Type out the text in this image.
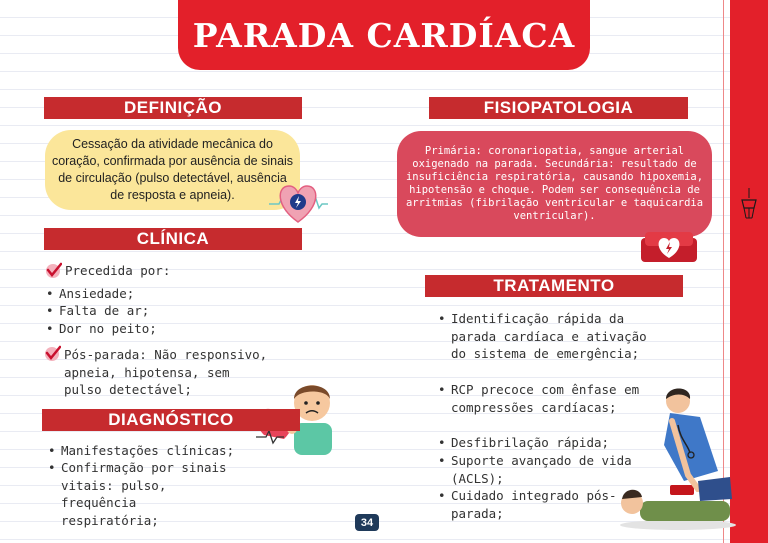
PARADA CARDÍACA
DEFINIÇÃO
Cessação da atividade mecânica do coração, confirmada por ausência de sinais de circulação (pulso detectável, ausência de resposta e apneia).
FISIOPATOLOGIA
Primária: coronariopatia, sangue arterial oxigenado na parada. Secundária: resultado de insuficiência respiratória, causando hipoxemia, hipotensão e choque. Podem ser consequência de arritmias (fibrilação ventricular e taquicardia ventricular).
CLÍNICA
Precedida por:
• Ansiedade;
• Falta de ar;
• Dor no peito;
Pós-parada: Não responsivo, apneia, hipotensa, sem pulso detectável;
DIAGNÓSTICO
• Manifestações clínicas;
• Confirmação por sinais vitais: pulso, frequência respiratória;
TRATAMENTO
• Identificação rápida da parada cardíaca e ativação do sistema de emergência;
• RCP precoce com ênfase em compressões cardíacas;
• Desfibrilação rápida;
• Suporte avançado de vida (ACLS);
• Cuidado integrado pós-parada;
34
